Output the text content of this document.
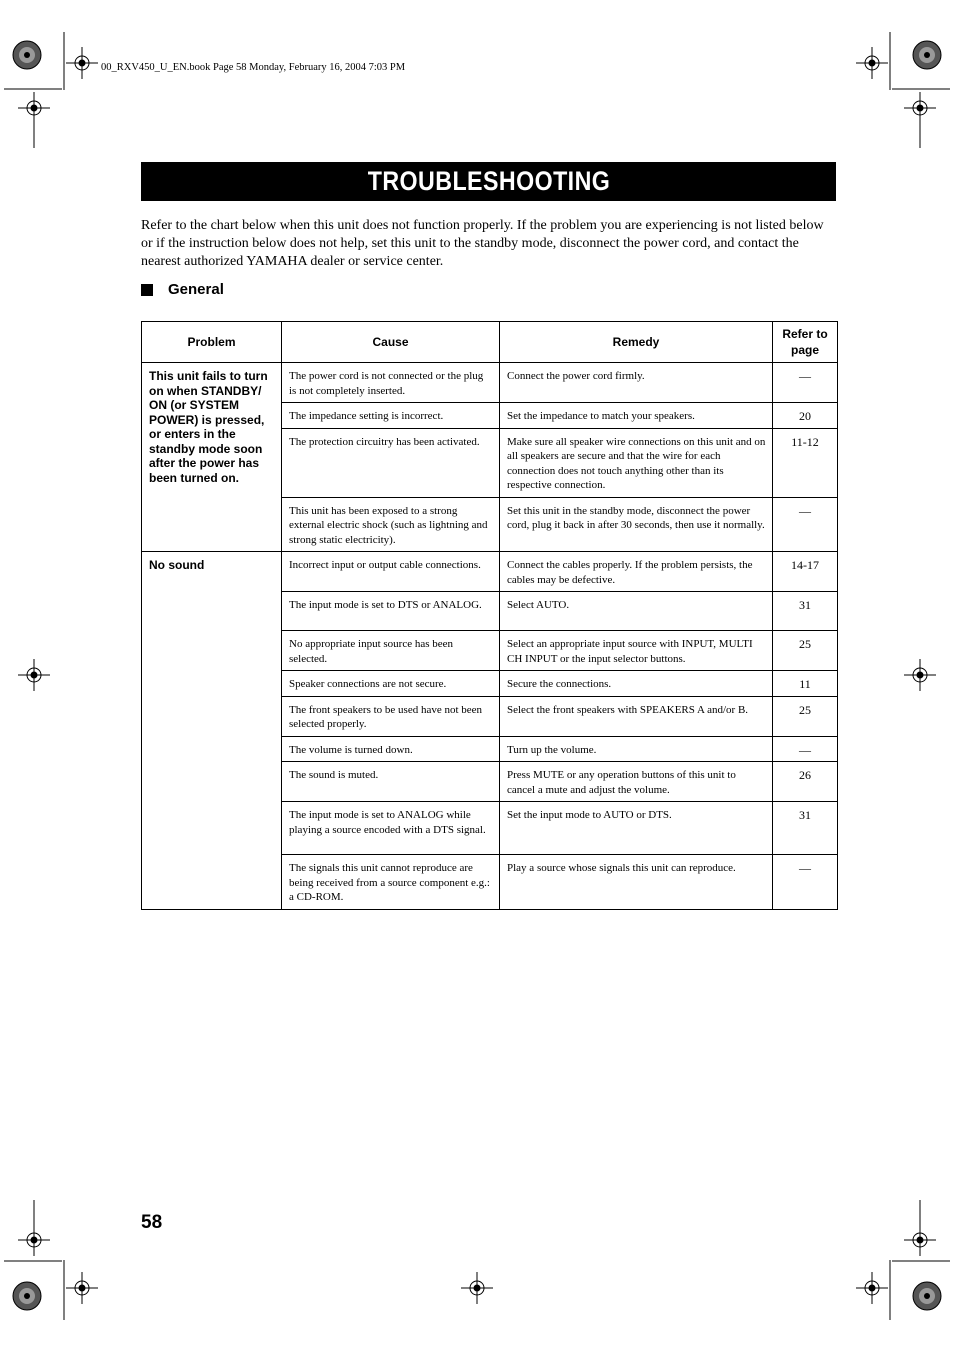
00_RXV450_U_EN.book Page 58 Monday, February 16, 2004 7:03 PM
TROUBLESHOOTING

Refer to the chart below when this unit does not function properly. If the problem you are experiencing is not listed below or if the instruction below does not help, set this unit to the standby mode, disconnect the power cord, and contact the nearest authorized YAMAHA dealer or service center.

General
Problem	Cause	Remedy	Refer to page

This unit fails to turn on when STANDBY/ ON (or SYSTEM POWER) is pressed, or enters in the standby mode soon after the power has been turned on.	The power cord is not connected or the plug is not completely inserted.	Connect the power cord firmly.	—

	The impedance setting is incorrect.	Set the impedance to match your speakers.	20

	The protection circuitry has been activated.	Make sure all speaker wire connections on this unit and on all speakers are secure and that the wire for each connection does not touch anything other than its respective connection.	11-12

	This unit has been exposed to a strong external electric shock (such as lightning and strong static electricity).	Set this unit in the standby mode, disconnect the power cord, plug it back in after 30 seconds, then use it normally.	—

No sound	Incorrect input or output cable connections.	Connect the cables properly. If the problem persists, the cables may be defective.	14-17

	The input mode is set to DTS or ANALOG.	Select AUTO.	31

	No appropriate input source has been selected.	Select an appropriate input source with INPUT, MULTI CH INPUT or the input selector buttons.	25

	Speaker connections are not secure.	Secure the connections.	11

	The front speakers to be used have not been selected properly.	Select the front speakers with SPEAKERS A and/or B.	25

	The volume is turned down.	Turn up the volume.	—

	The sound is muted.	Press MUTE or any operation buttons of this unit to cancel a mute and adjust the volume.	26

	The input mode is set to ANALOG while playing a source encoded with a DTS signal.	Set the input mode to AUTO or DTS.	31

	The signals this unit cannot reproduce are being received from a source component e.g.: a CD-ROM.	Play a source whose signals this unit can reproduce.	—
58
